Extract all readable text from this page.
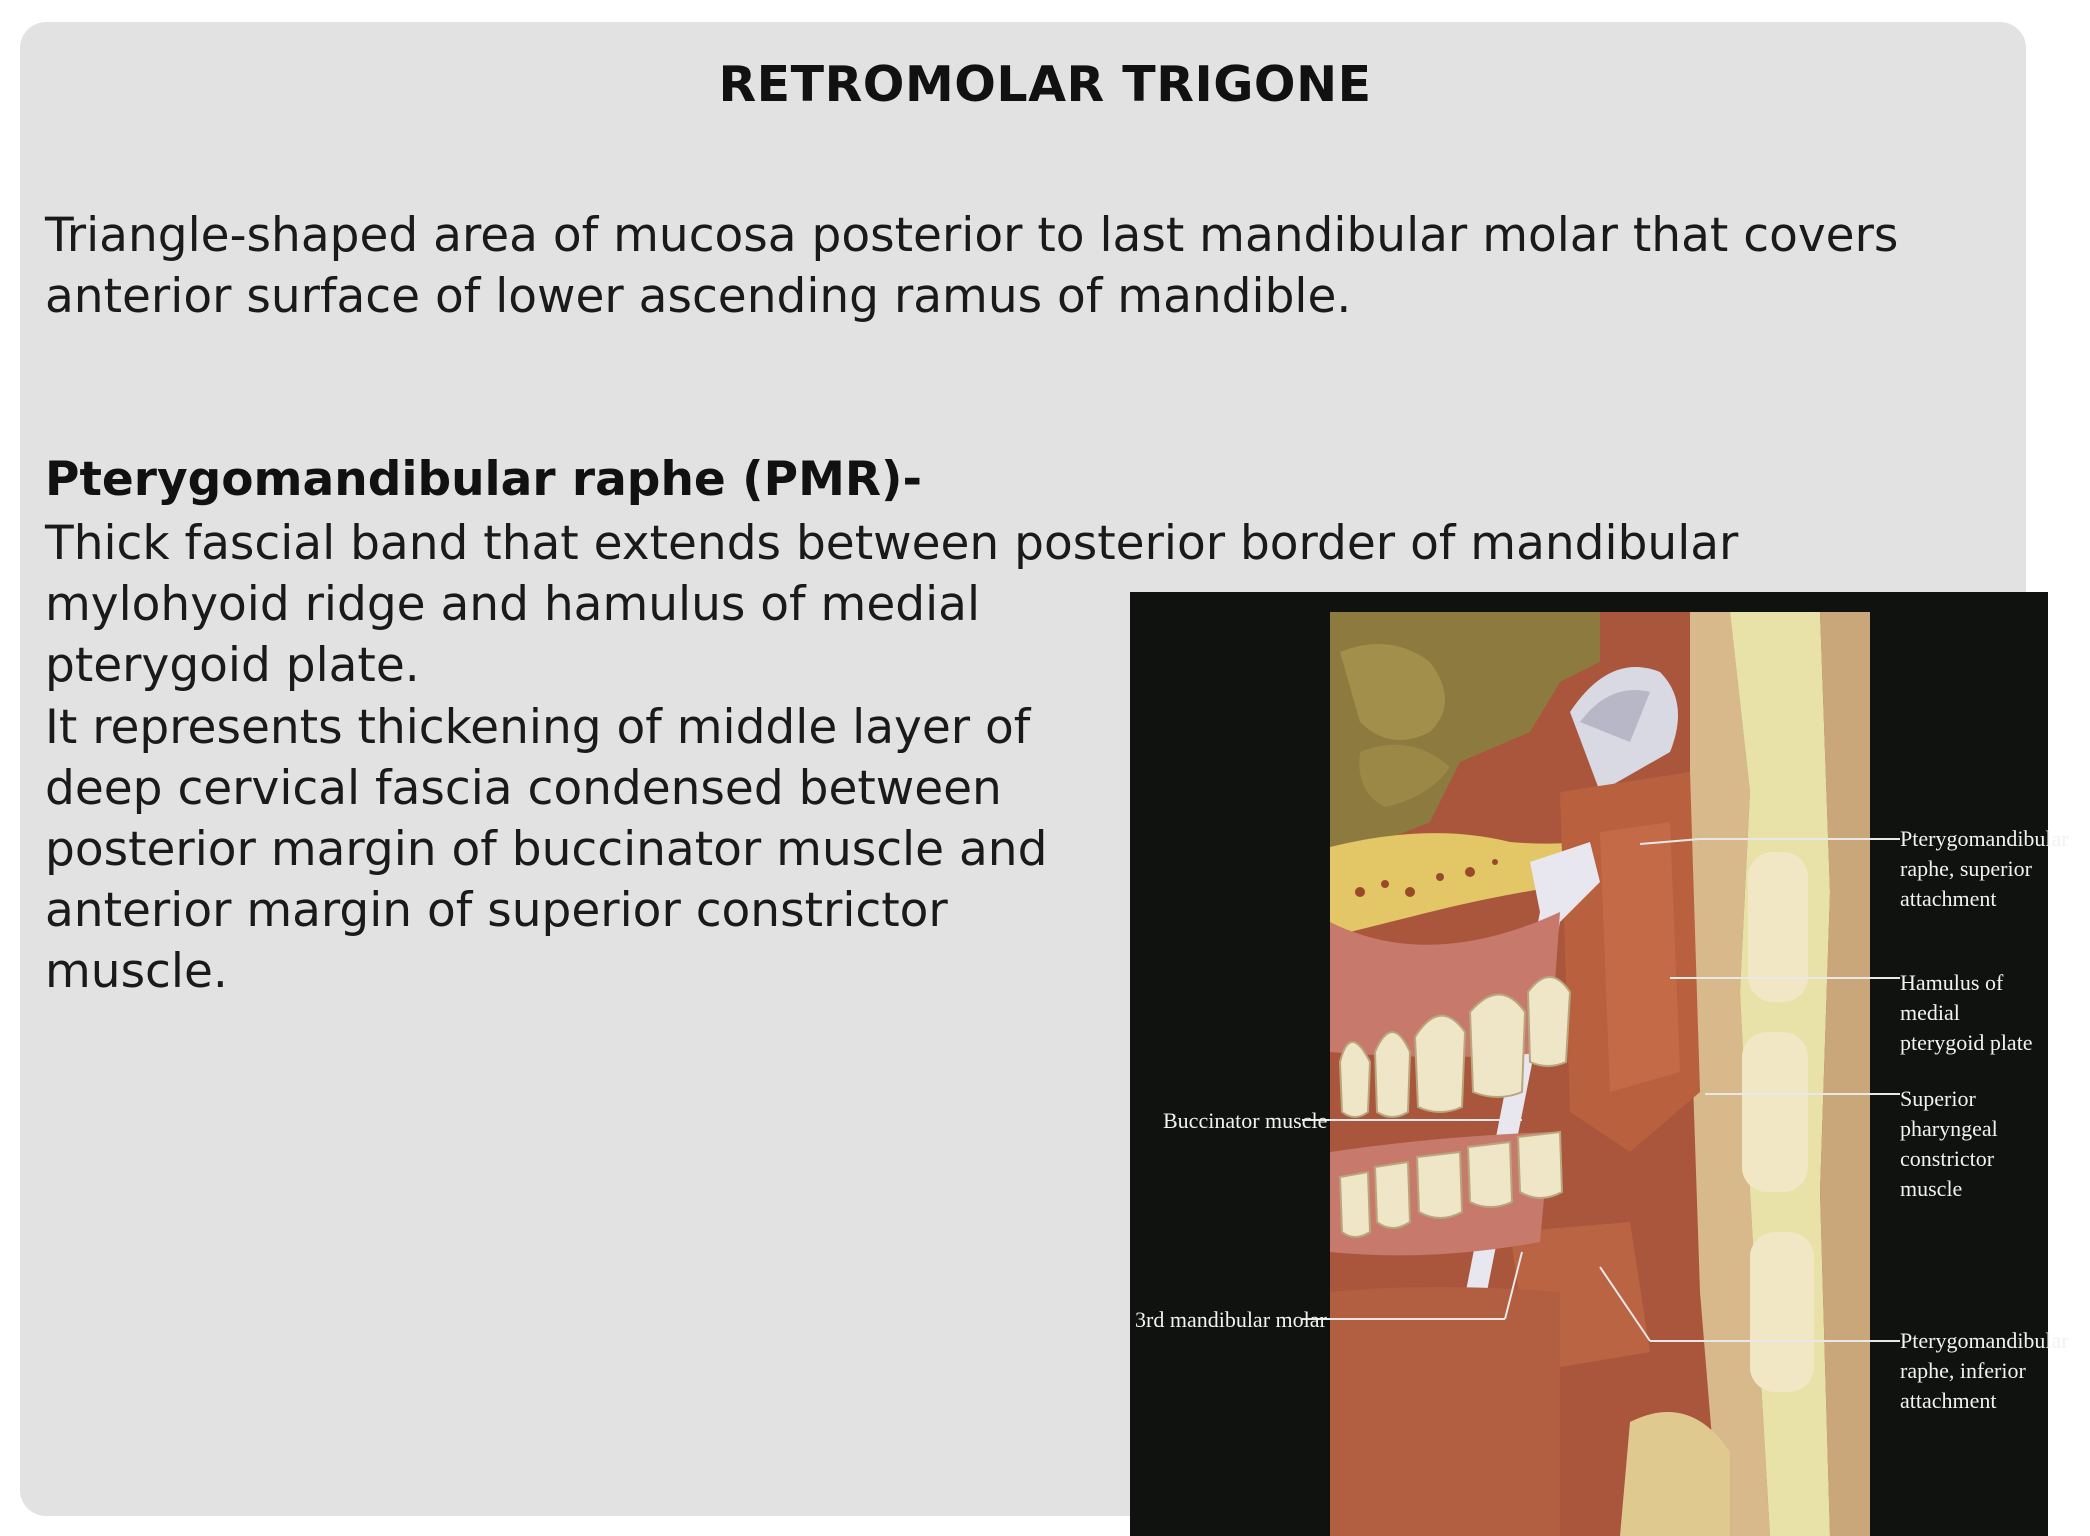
RETROMOLAR TRIGONE

Triangle-shaped area of mucosa posterior to last mandibular molar that covers anterior surface of lower ascending ramus of mandible.

Pterygomandibular raphe (PMR)-

Thick fascial band that extends between posterior border of mandibular

mylohyoid ridge and hamulus of medial pterygoid plate.

It represents thickening of middle layer of deep cervical fascia condensed between posterior margin of buccinator muscle and anterior margin of superior constrictor muscle.

Buccinator muscle
3rd mandibular molar
Pterygomandibular raphe, superior attachment
Hamulus of medial pterygoid plate
Superior pharyngeal constrictor muscle
Pterygomandibular raphe, inferior attachment
